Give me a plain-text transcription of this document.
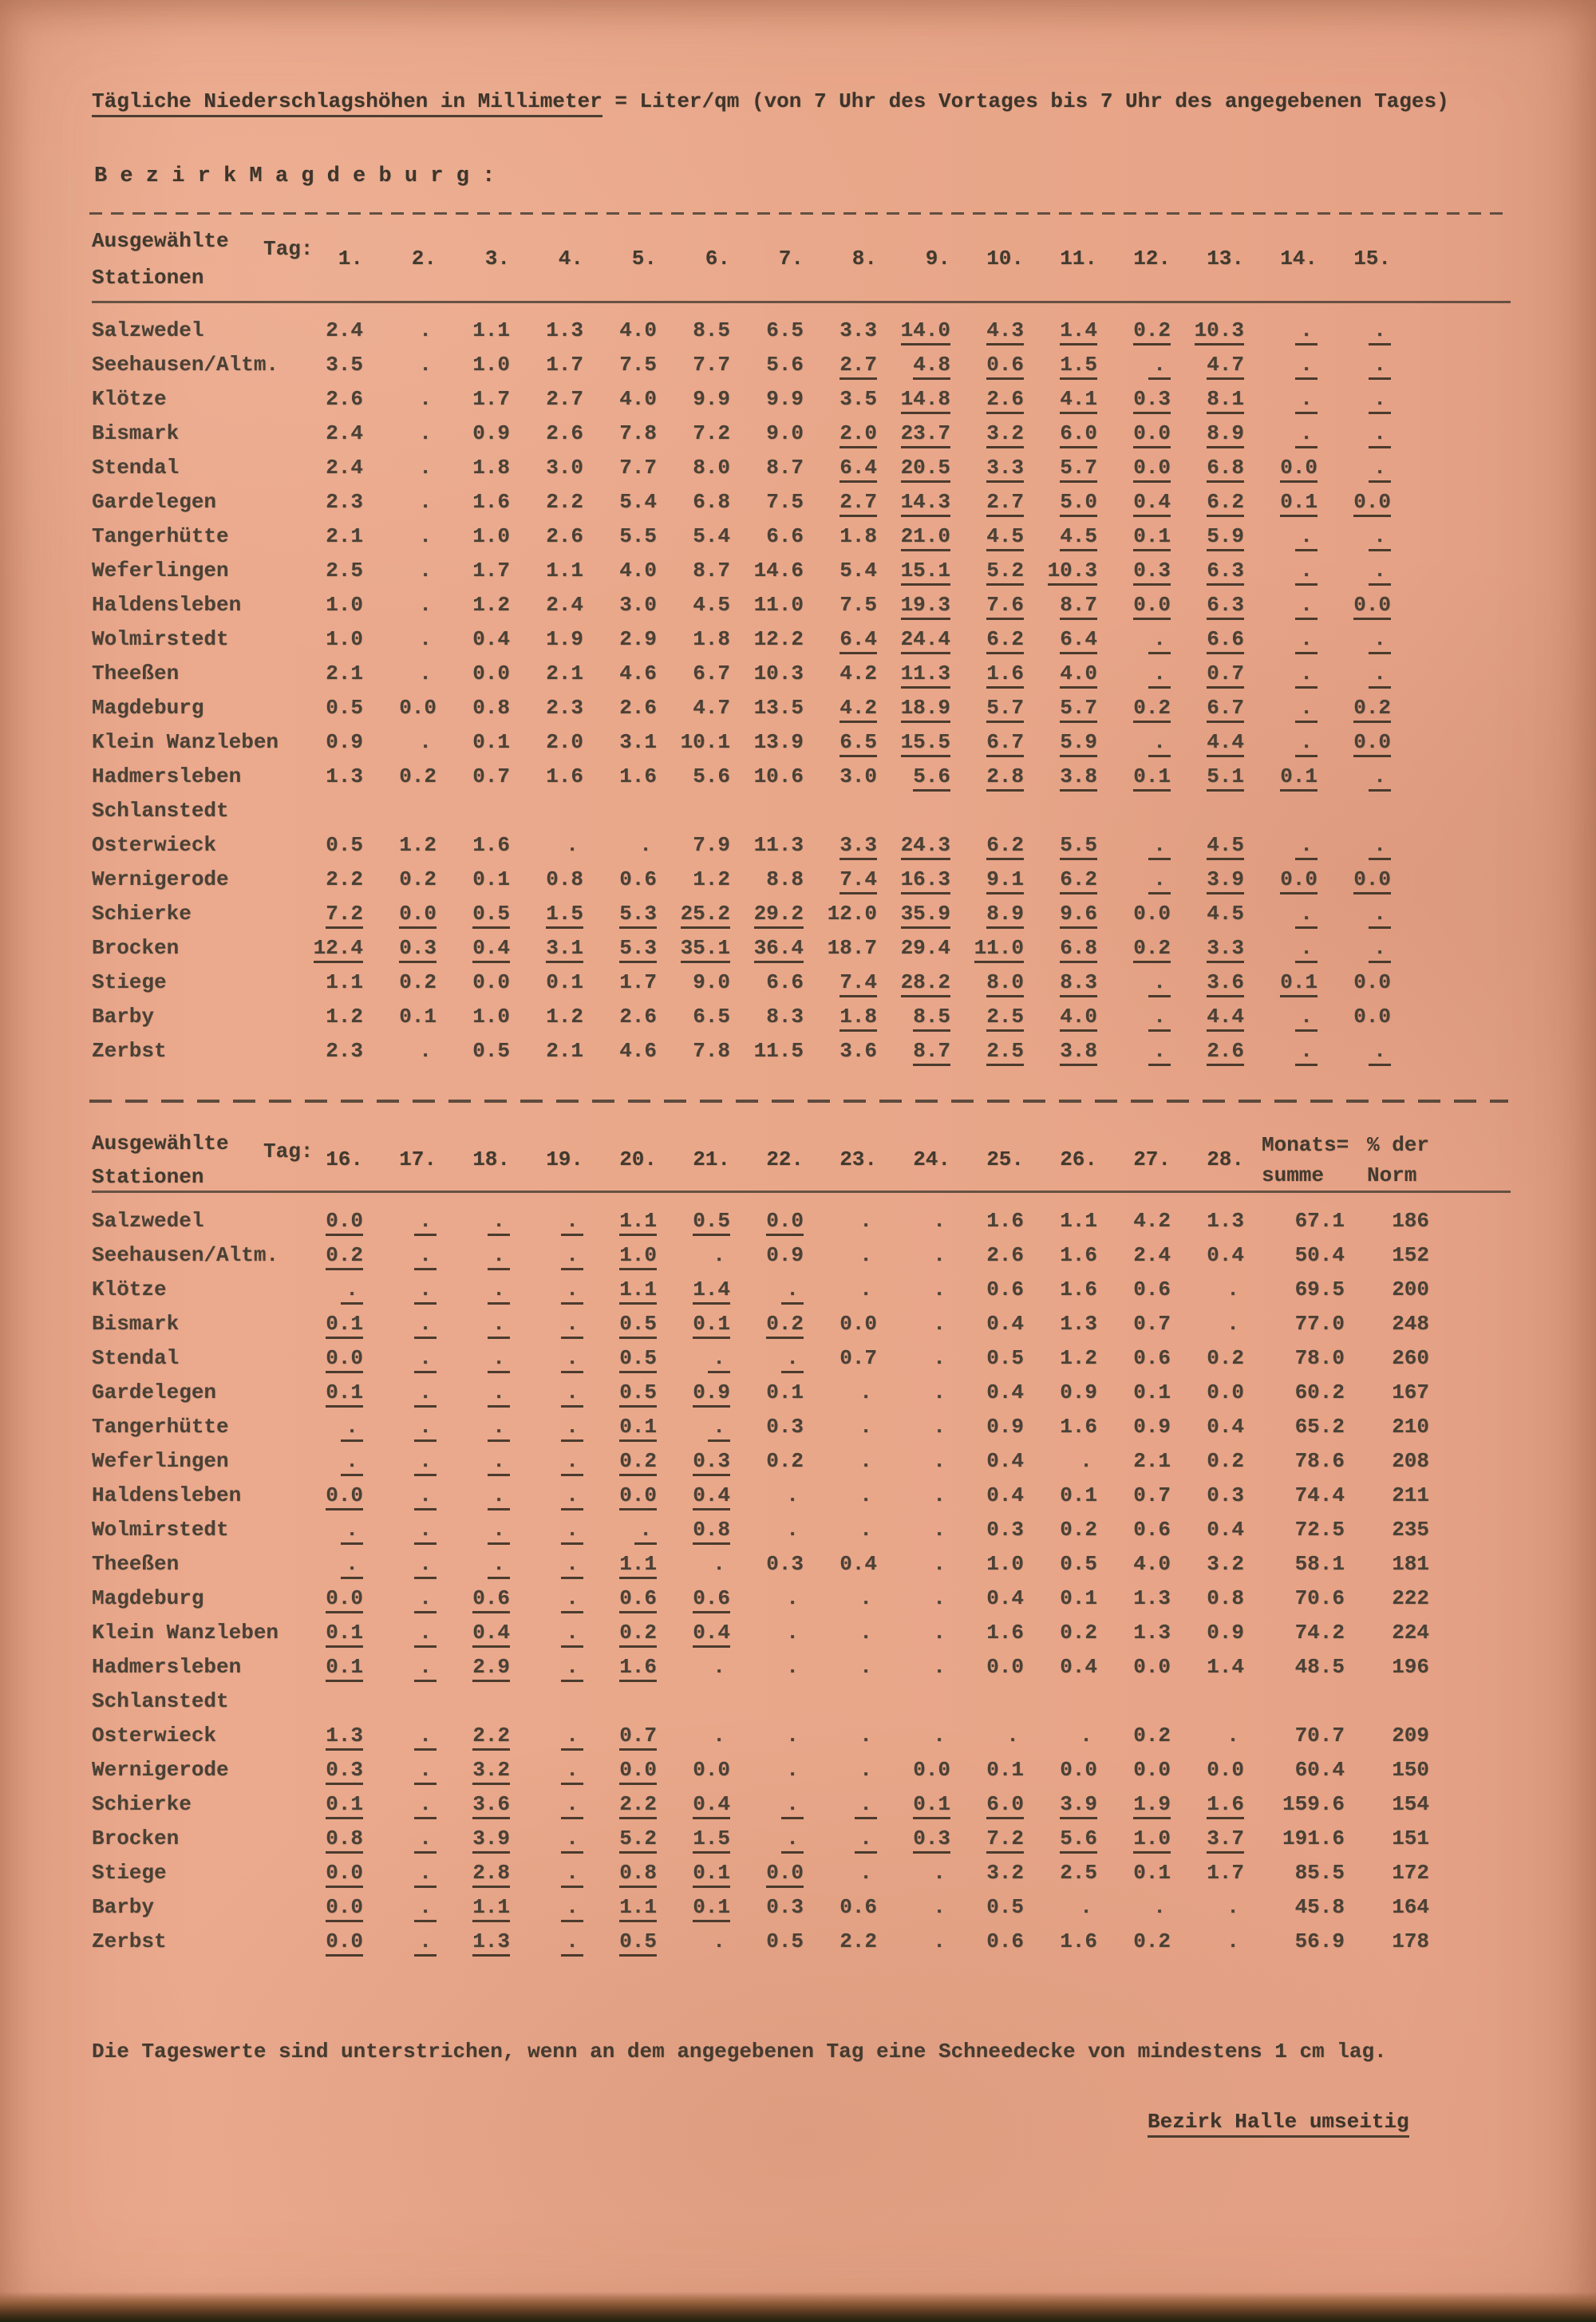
Tägliche Niederschlagshöhen in Millimeter = Liter/qm (von 7 Uhr des Vortages bis 7 Uhr des angegebenen Tages)
B e z i r k M a g d e b u r g :
Ausgewählte
Stationen
Tag:	1.	2.	3.	4.	5.	6.	7.	8.	9.	10.	11.	12.	13.	14.	15.
Salzwedel	2.4	.	1.1	1.3	4.0	8.5	6.5	3.3	14.0	4.3	1.4	0.2	10.3	.	.
Seehausen/Altm.	3.5	.	1.0	1.7	7.5	7.7	5.6	2.7	4.8	0.6	1.5	.	4.7	.	.
Klötze	2.6	.	1.7	2.7	4.0	9.9	9.9	3.5	14.8	2.6	4.1	0.3	8.1	.	.
Bismark	2.4	.	0.9	2.6	7.8	7.2	9.0	2.0	23.7	3.2	6.0	0.0	8.9	.	.
Stendal	2.4	.	1.8	3.0	7.7	8.0	8.7	6.4	20.5	3.3	5.7	0.0	6.8	0.0	.
Gardelegen	2.3	.	1.6	2.2	5.4	6.8	7.5	2.7	14.3	2.7	5.0	0.4	6.2	0.1	0.0
Tangerhütte	2.1	.	1.0	2.6	5.5	5.4	6.6	1.8	21.0	4.5	4.5	0.1	5.9	.	.
Weferlingen	2.5	.	1.7	1.1	4.0	8.7	14.6	5.4	15.1	5.2	10.3	0.3	6.3	.	.
Haldensleben	1.0	.	1.2	2.4	3.0	4.5	11.0	7.5	19.3	7.6	8.7	0.0	6.3	.	0.0
Wolmirstedt	1.0	.	0.4	1.9	2.9	1.8	12.2	6.4	24.4	6.2	6.4	.	6.6	.	.
Theeßen	2.1	.	0.0	2.1	4.6	6.7	10.3	4.2	11.3	1.6	4.0	.	0.7	.	.
Magdeburg	0.5	0.0	0.8	2.3	2.6	4.7	13.5	4.2	18.9	5.7	5.7	0.2	6.7	.	0.2
Klein Wanzleben	0.9	.	0.1	2.0	3.1	10.1	13.9	6.5	15.5	6.7	5.9	.	4.4	.	0.0
Hadmersleben	1.3	0.2	0.7	1.6	1.6	5.6	10.6	3.0	5.6	2.8	3.8	0.1	5.1	0.1	.
Schlanstedt
Osterwieck	0.5	1.2	1.6	.	.	7.9	11.3	3.3	24.3	6.2	5.5	.	4.5	.	.
Wernigerode	2.2	0.2	0.1	0.8	0.6	1.2	8.8	7.4	16.3	9.1	6.2	.	3.9	0.0	0.0
Schierke	7.2	0.0	0.5	1.5	5.3	25.2	29.2	12.0	35.9	8.9	9.6	0.0	4.5	.	.
Brocken	12.4	0.3	0.4	3.1	5.3	35.1	36.4	18.7	29.4	11.0	6.8	0.2	3.3	.	.
Stiege	1.1	0.2	0.0	0.1	1.7	9.0	6.6	7.4	28.2	8.0	8.3	.	3.6	0.1	0.0
Barby	1.2	0.1	1.0	1.2	2.6	6.5	8.3	1.8	8.5	2.5	4.0	.	4.4	.	0.0
Zerbst	2.3	.	0.5	2.1	4.6	7.8	11.5	3.6	8.7	2.5	3.8	.	2.6	.	.
Ausgewählte
Stationen
Tag: 16.	17.	18.	19.	20.	21.	22.	23.	24.	25.	26.	27.	28.
Monats=
summe
% der
Norm
Salzwedel	0.0	.	.	.	1.1	0.5	0.0	.	.	1.6	1.1	4.2	1.3	67.1	186
Seehausen/Altm.	0.2	.	.	.	1.0	.	0.9	.	.	2.6	1.6	2.4	0.4	50.4	152
Klötze	.	.	.	.	1.1	1.4	.	.	.	0.6	1.6	0.6	.	69.5	200
Bismark	0.1	.	.	.	0.5	0.1	0.2	0.0	.	0.4	1.3	0.7	.	77.0	248
Stendal	0.0	.	.	.	0.5	.	.	0.7	.	0.5	1.2	0.6	0.2	78.0	260
Gardelegen	0.1	.	.	.	0.5	0.9	0.1	.	.	0.4	0.9	0.1	0.0	60.2	167
Tangerhütte	.	.	.	.	0.1	.	0.3	.	.	0.9	1.6	0.9	0.4	65.2	210
Weferlingen	.	.	.	.	0.2	0.3	0.2	.	.	0.4	.	2.1	0.2	78.6	208
Haldensleben	0.0	.	.	.	0.0	0.4	.	.	.	0.4	0.1	0.7	0.3	74.4	211
Wolmirstedt	.	.	.	.	.	0.8	.	.	.	0.3	0.2	0.6	0.4	72.5	235
Theeßen	.	.	.	.	1.1	.	0.3	0.4	.	1.0	0.5	4.0	3.2	58.1	181
Magdeburg	0.0	.	0.6	.	0.6	0.6	.	.	.	0.4	0.1	1.3	0.8	70.6	222
Klein Wanzleben	0.1	.	0.4	.	0.2	0.4	.	.	.	1.6	0.2	1.3	0.9	74.2	224
Hadmersleben	0.1	.	2.9	.	1.6	.	.	.	.	0.0	0.4	0.0	1.4	48.5	196
Schlanstedt
Osterwieck	1.3	.	2.2	.	0.7	.	.	.	.	.	.	0.2	.	70.7	209
Wernigerode	0.3	.	3.2	.	0.0	0.0	.	.	0.0	0.1	0.0	0.0	0.0	60.4	150
Schierke	0.1	.	3.6	.	2.2	0.4	.	.	0.1	6.0	3.9	1.9	1.6	159.6	154
Brocken	0.8	.	3.9	.	5.2	1.5	.	.	0.3	7.2	5.6	1.0	3.7	191.6	151
Stiege	0.0	.	2.8	.	0.8	0.1	0.0	.	.	3.2	2.5	0.1	1.7	85.5	172
Barby	0.0	.	1.1	.	1.1	0.1	0.3	0.6	.	0.5	.	.	.	45.8	164
Zerbst	0.0	.	1.3	.	0.5	.	0.5	2.2	.	0.6	1.6	0.2	.	56.9	178

Die Tageswerte sind unterstrichen, wenn an dem angegebenen Tag eine Schneedecke von mindestens 1 cm lag.

Bezirk Halle umseitig
